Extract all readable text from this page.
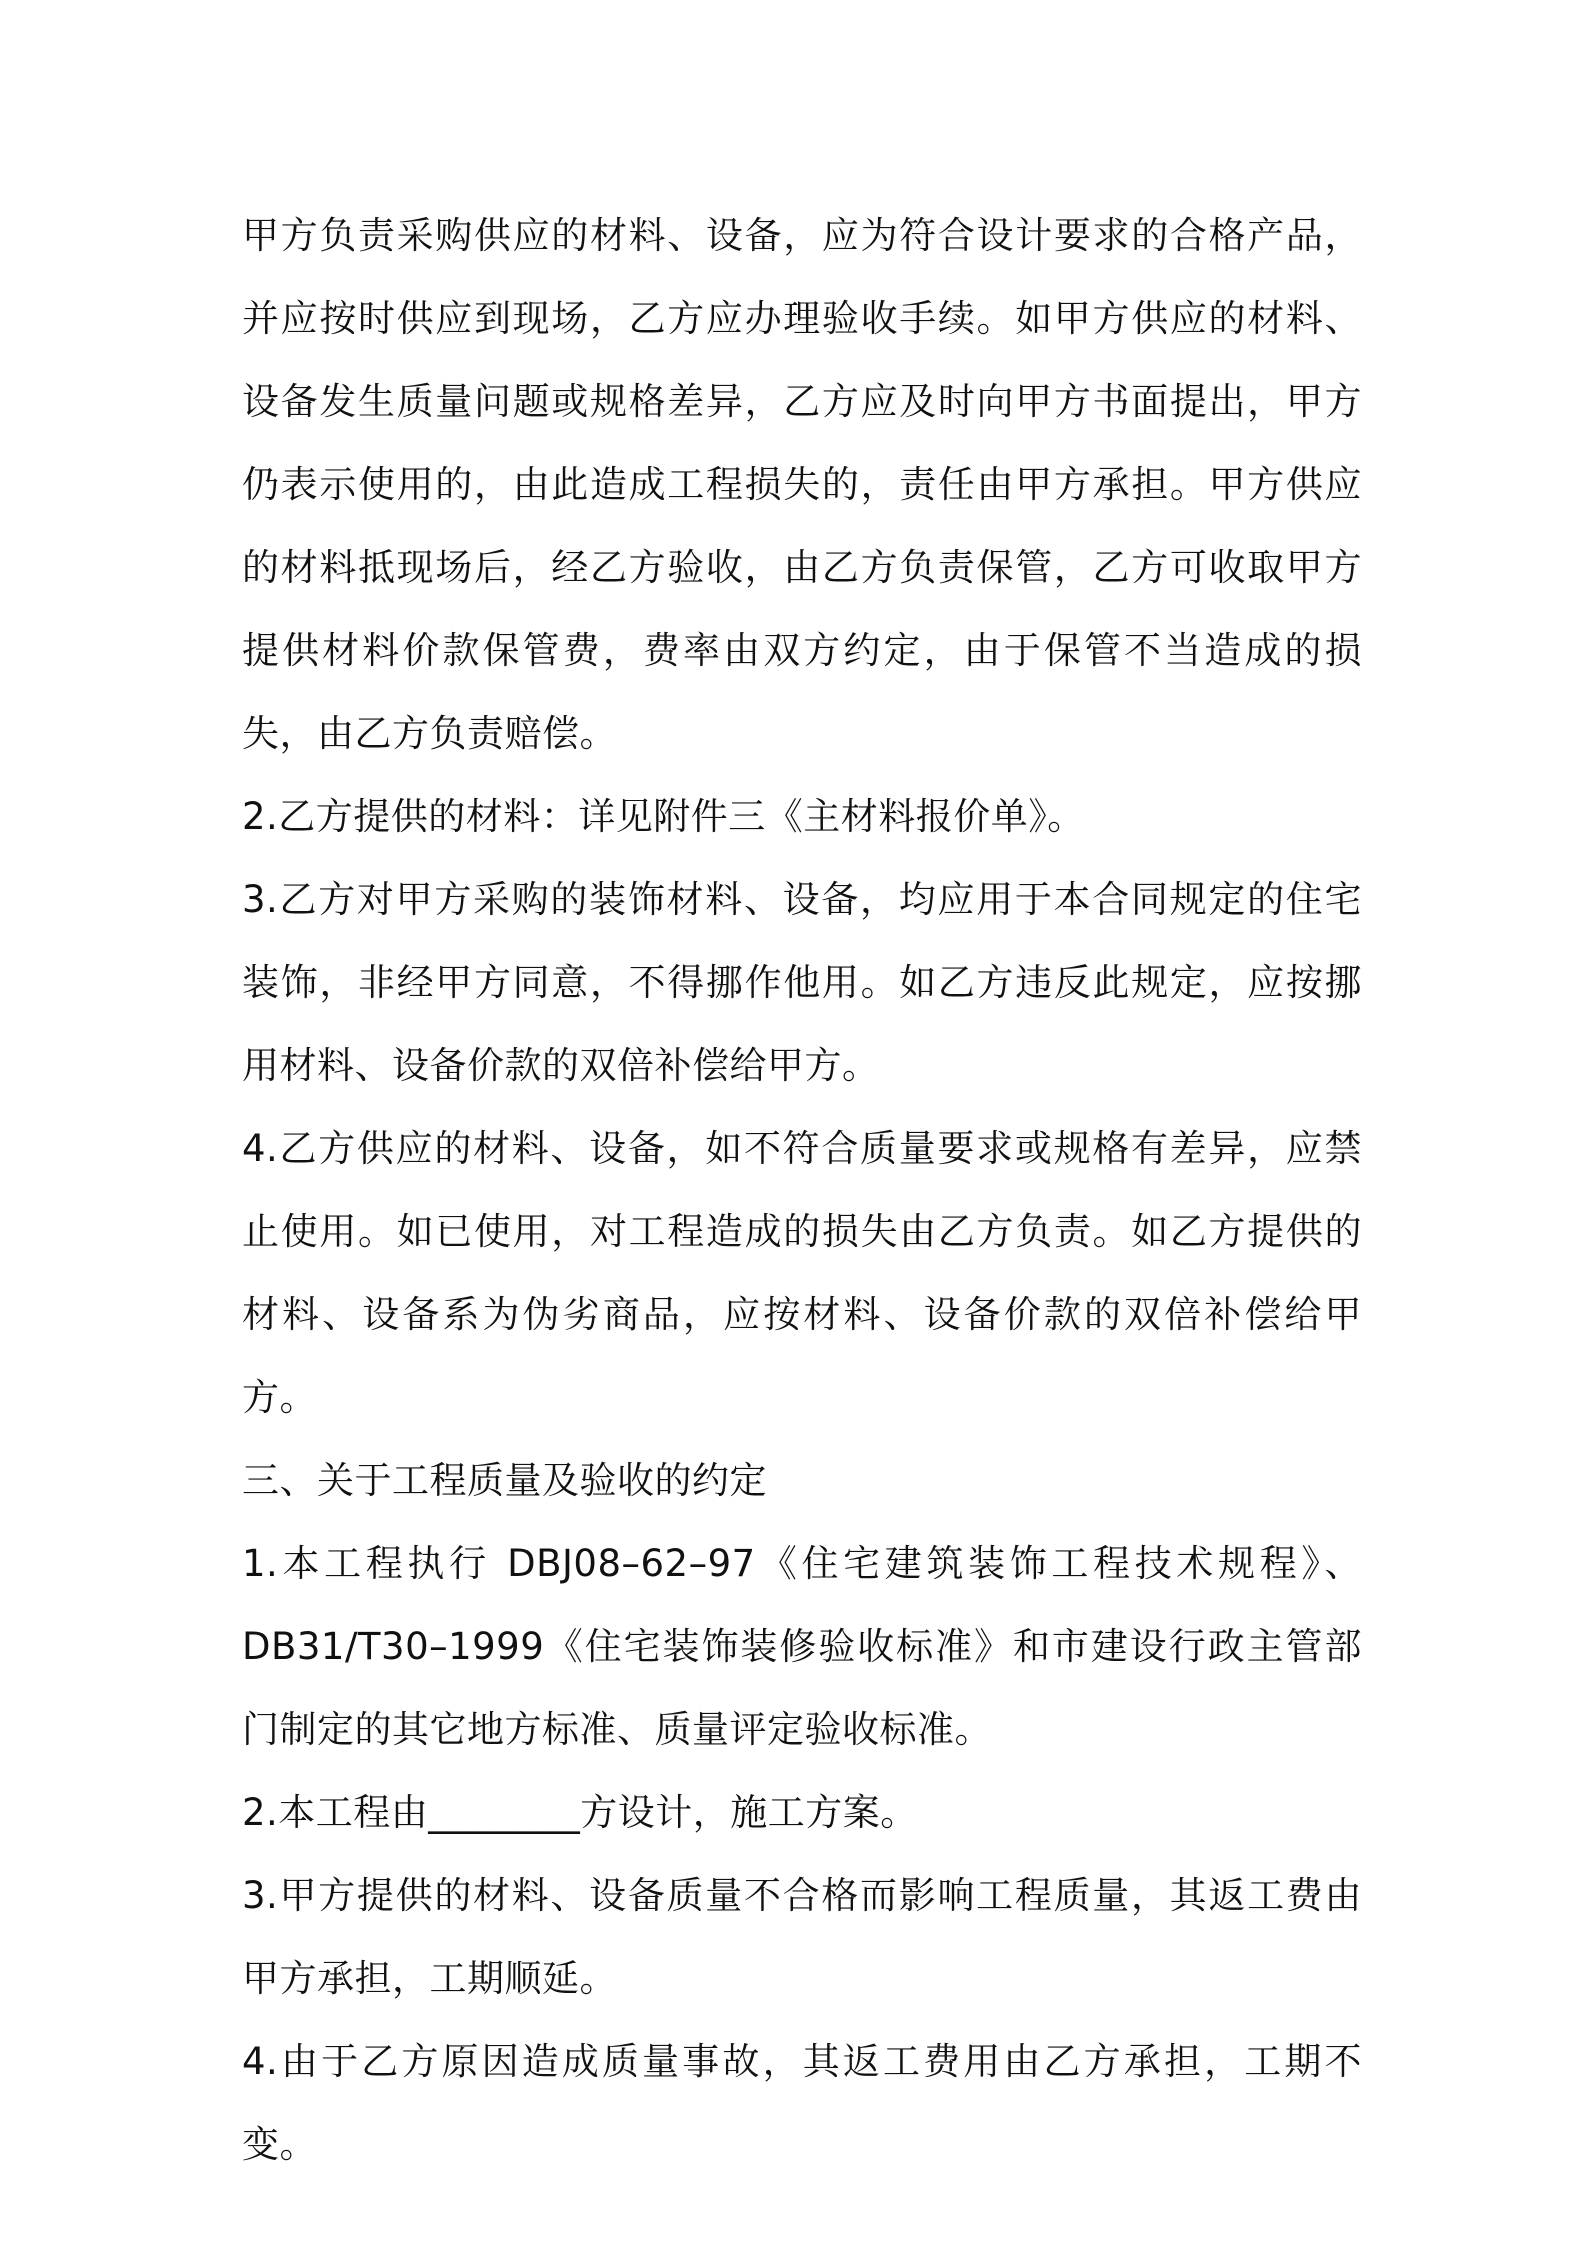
甲方负责采购供应的材料、设备，应为符合设计要求的合格产品，并应按时供应到现场，乙方应办理验收手续。如甲方供应的材料、设备发生质量问题或规格差异，乙方应及时向甲方书面提出，甲方仍表示使用的，由此造成工程损失的，责任由甲方承担。甲方供应的材料抵现场后，经乙方验收，由乙方负责保管，乙方可收取甲方提供材料价款保管费，费率由双方约定，由于保管不当造成的损失，由乙方负责赔偿。

2.乙方提供的材料：详见附件三《主材料报价单》。

3.乙方对甲方采购的装饰材料、设备，均应用于本合同规定的住宅装饰，非经甲方同意，不得挪作他用。如乙方违反此规定，应按挪用材料、设备价款的双倍补偿给甲方。

4.乙方供应的材料、设备，如不符合质量要求或规格有差异，应禁止使用。如已使用，对工程造成的损失由乙方负责。如乙方提供的材料、设备系为伪劣商品，应按材料、设备价款的双倍补偿给甲方。

三、关于工程质量及验收的约定

1.本工程执行 DBJ08–62–97《住宅建筑装饰工程技术规程》、DB31/T30–1999《住宅装饰装修验收标准》和市建设行政主管部门制定的其它地方标准、质量评定验收标准。

2.本工程由________方设计，施工方案。

3.甲方提供的材料、设备质量不合格而影响工程质量，其返工费由甲方承担，工期顺延。

4.由于乙方原因造成质量事故，其返工费用由乙方承担，工期不变。
